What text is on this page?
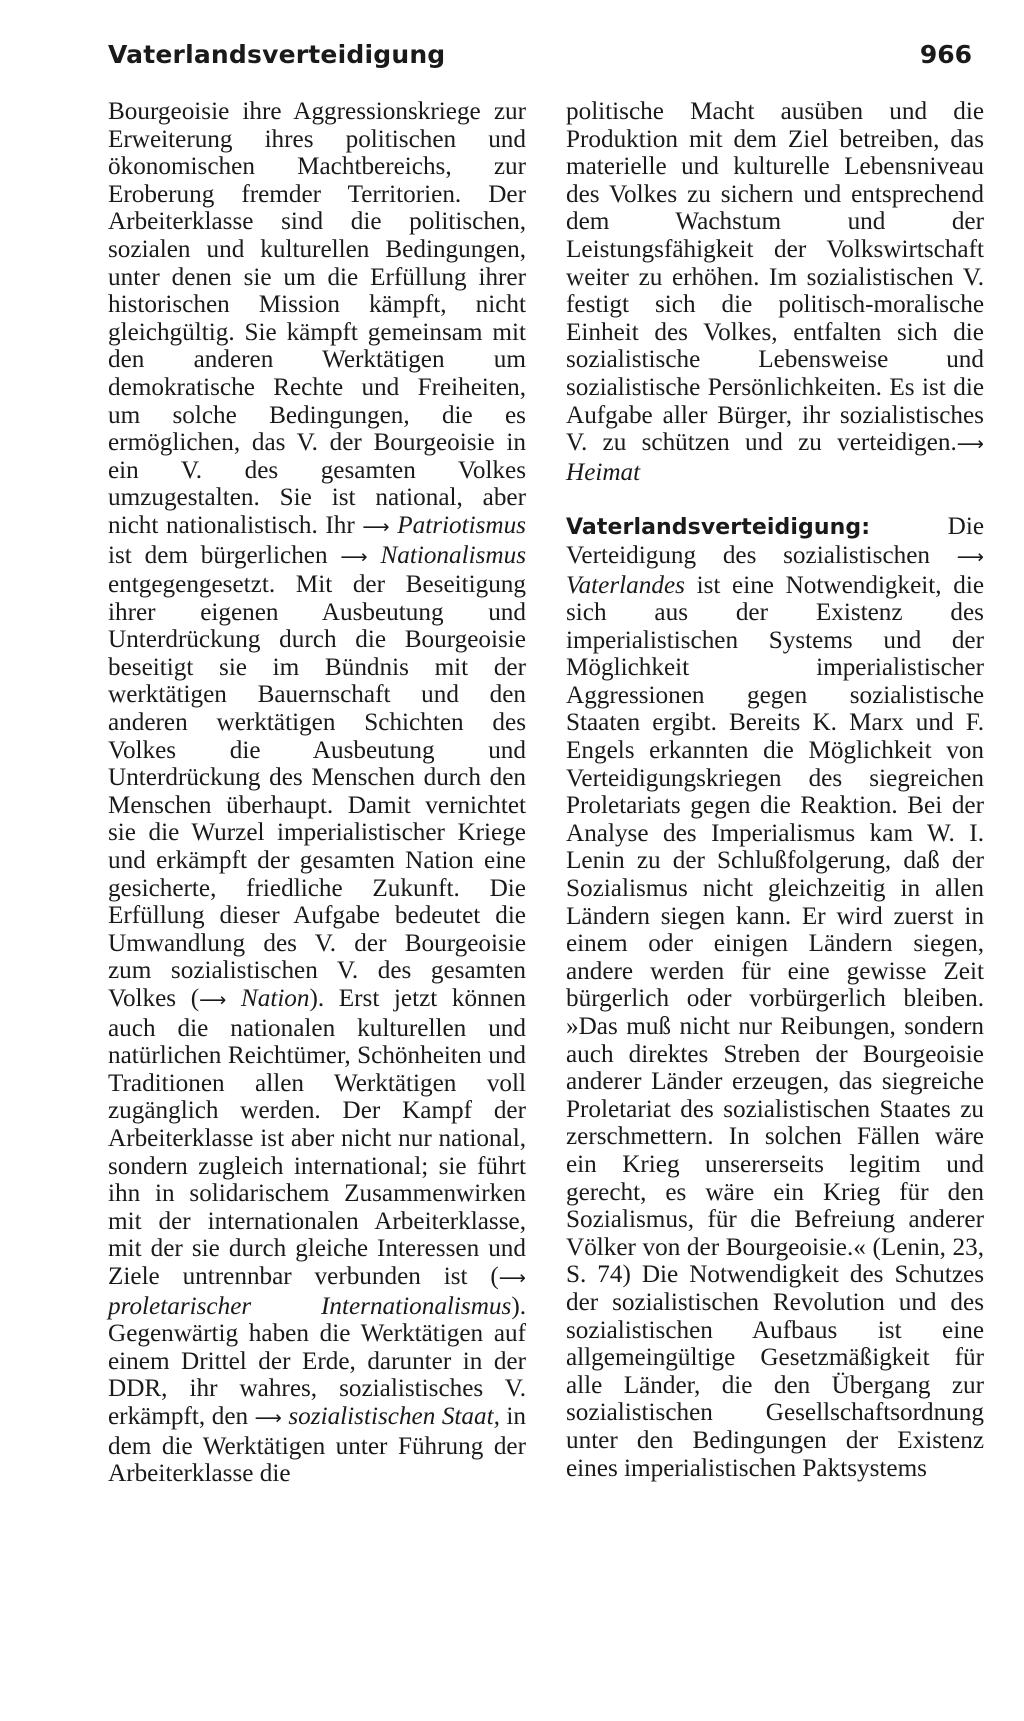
Vaterlandsverteidigung	966

Bourgeoisie ihre Aggressionskriege zur Erweiterung ihres politischen und ökonomischen Machtbereichs, zur Eroberung fremder Territorien. Der Arbeiterklasse sind die politischen, sozialen und kulturellen Bedingungen, unter denen sie um die Erfüllung ihrer historischen Mission kämpft, nicht gleichgültig. Sie kämpft gemeinsam mit den anderen Werktätigen um demokratische Rechte und Freiheiten, um solche Bedingungen, die es ermöglichen, das V. der Bourgeoisie in ein V. des gesamten Volkes umzugestalten. Sie ist national, aber nicht nationalistisch. Ihr ⟶ Patriotismus ist dem bürgerlichen ⟶ Nationalismus entgegengesetzt. Mit der Beseitigung ihrer eigenen Ausbeutung und Unterdrückung durch die Bourgeoisie beseitigt sie im Bündnis mit der werktätigen Bauernschaft und den anderen werktätigen Schichten des Volkes die Ausbeutung und Unterdrückung des Menschen durch den Menschen überhaupt. Damit vernichtet sie die Wurzel imperialistischer Kriege und erkämpft der gesamten Nation eine gesicherte, friedliche Zukunft. Die Erfüllung dieser Aufgabe bedeutet die Umwandlung des V. der Bourgeoisie zum sozialistischen V. des gesamten Volkes (⟶ Nation). Erst jetzt können auch die nationalen kulturellen und natürlichen Reichtümer, Schönheiten und Traditionen allen Werktätigen voll zugänglich werden. Der Kampf der Arbeiterklasse ist aber nicht nur national, sondern zugleich international; sie führt ihn in solidarischem Zusammenwirken mit der internationalen Arbeiterklasse, mit der sie durch gleiche Interessen und Ziele untrennbar verbunden ist (⟶ proletarischer Internationalismus). Gegenwärtig haben die Werktätigen auf einem Drittel der Erde, darunter in der DDR, ihr wahres, sozialistisches V. erkämpft, den ⟶ sozialistischen Staat, in dem die Werktätigen unter Führung der Arbeiterklasse die

politische Macht ausüben und die Produktion mit dem Ziel betreiben, das materielle und kulturelle Lebensniveau des Volkes zu sichern und entsprechend dem Wachstum und der Leistungsfähigkeit der Volkswirtschaft weiter zu erhöhen. Im sozialistischen V. festigt sich die politisch-moralische Einheit des Volkes, entfalten sich die sozialistische Lebensweise und sozialistische Persönlichkeiten. Es ist die Aufgabe aller Bürger, ihr sozialistisches V. zu schützen und zu verteidigen.⟶ Heimat

Vaterlandsverteidigung:	Die Verteidigung des sozialistischen ⟶ Vaterlandes ist eine Notwendigkeit, die sich aus der Existenz des imperialistischen Systems und der Möglichkeit imperialistischer Aggressionen gegen sozialistische Staaten ergibt. Bereits K. Marx und F. Engels erkannten die Möglichkeit von Verteidigungskriegen des siegreichen Proletariats gegen die Reaktion. Bei der Analyse des Imperialismus kam W. I. Lenin zu der Schlußfolgerung, daß der Sozialismus nicht gleichzeitig in allen Ländern siegen kann. Er wird zuerst in einem oder einigen Ländern siegen, andere werden für eine gewisse Zeit bürgerlich oder vorbürgerlich bleiben. »Das muß nicht nur Reibungen, sondern auch direktes Streben der Bourgeoisie anderer Länder erzeugen, das siegreiche Proletariat des sozialistischen Staates zu zerschmettern. In solchen Fällen wäre ein Krieg unsererseits legitim und gerecht, es wäre ein Krieg für den Sozialismus, für die Befreiung anderer Völker von der Bourgeoisie.« (Lenin, 23, S. 74) Die Notwendigkeit des Schutzes der sozialistischen Revolution und des sozialistischen Aufbaus ist eine allgemeingültige Gesetzmäßigkeit für alle Länder, die den Übergang zur sozialistischen Gesellschaftsordnung unter den Bedingungen der Existenz eines imperialistischen Paktsystems
